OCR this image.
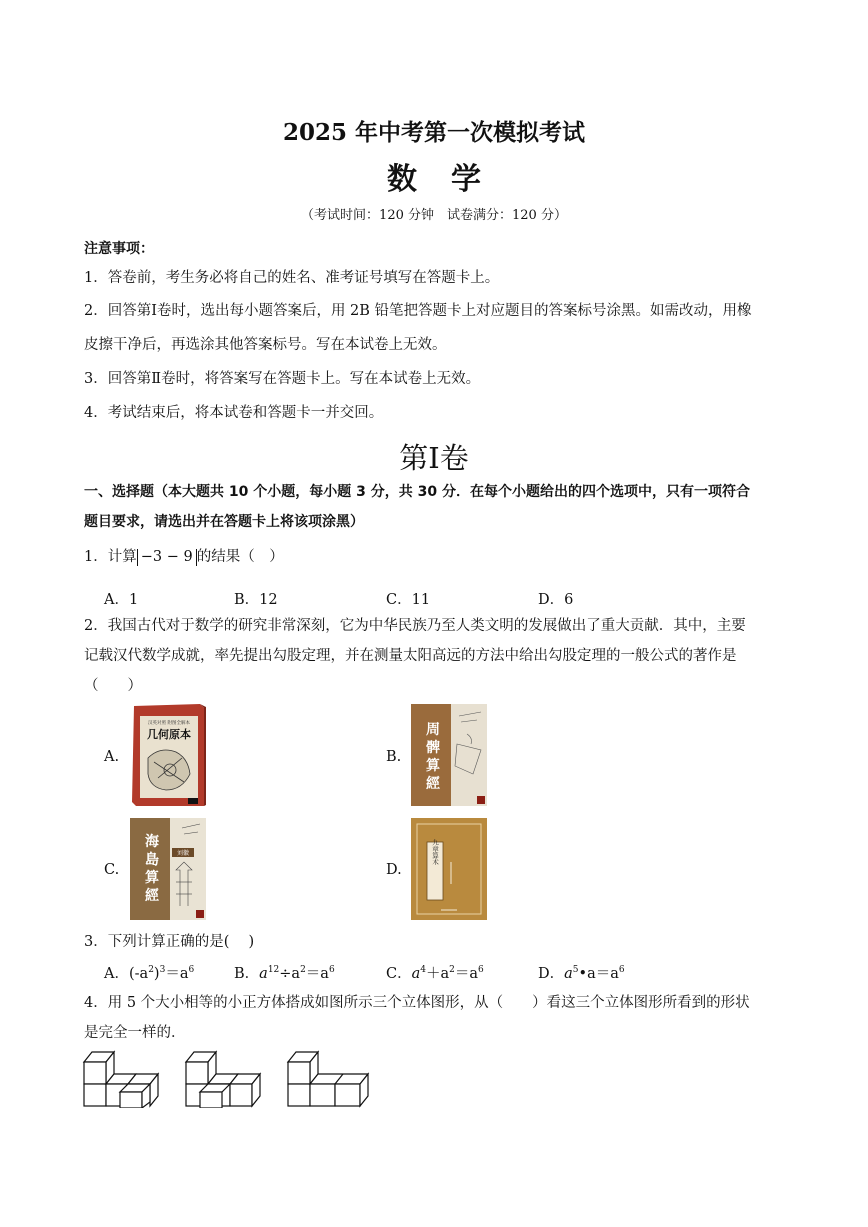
2025 年中考第一次模拟考试
数学
（考试时间：120 分钟　试卷满分：120 分）
注意事项：
1．答卷前，考生务必将自己的姓名、准考证号填写在答题卡上。
2．回答第Ⅰ卷时，选出每小题答案后，用 2B 铅笔把答题卡上对应题目的答案标号涂黑。如需改动，用橡
皮擦干净后，再选涂其他答案标号。写在本试卷上无效。
3．回答第Ⅱ卷时，将答案写在答题卡上。写在本试卷上无效。
4．考试结束后，将本试卷和答题卡一并交回。
第Ⅰ卷
一、选择题（本大题共 10 个小题，每小题 3 分，共 30 分．在每个小题给出的四个选项中，只有一项符合
题目要求，请选出并在答题卡上将该项涂黑）
1．计算 −3 − 9 的结果（　）
A．1	B．12	C．11	D．6
2．我国古代对于数学的研究非常深刻，它为中华民族乃至人类文明的发展做出了重大贡献．其中，主要
记载汉代数学成就，率先提出勾股定理，并在测量太阳高远的方法中给出勾股定理的一般公式的著作是
（　　）
A.	B.
C.	D.
汉英对照 附图全解本
几何原本	周
髀
算
經
海
島
算
經
刘徽	九章算术
3．下列计算正确的是(　 )
A．$(-a^2)^3=a^6$	B．$a^{12}\div a^2=a^6$	C．$a^4+a^2=a^6$	D．$a^5•a=a^6$
4．用 5 个大小相等的小正方体搭成如图所示三个立体图形，从（　　）看这三个立体图形所看到的形状
是完全一样的．
